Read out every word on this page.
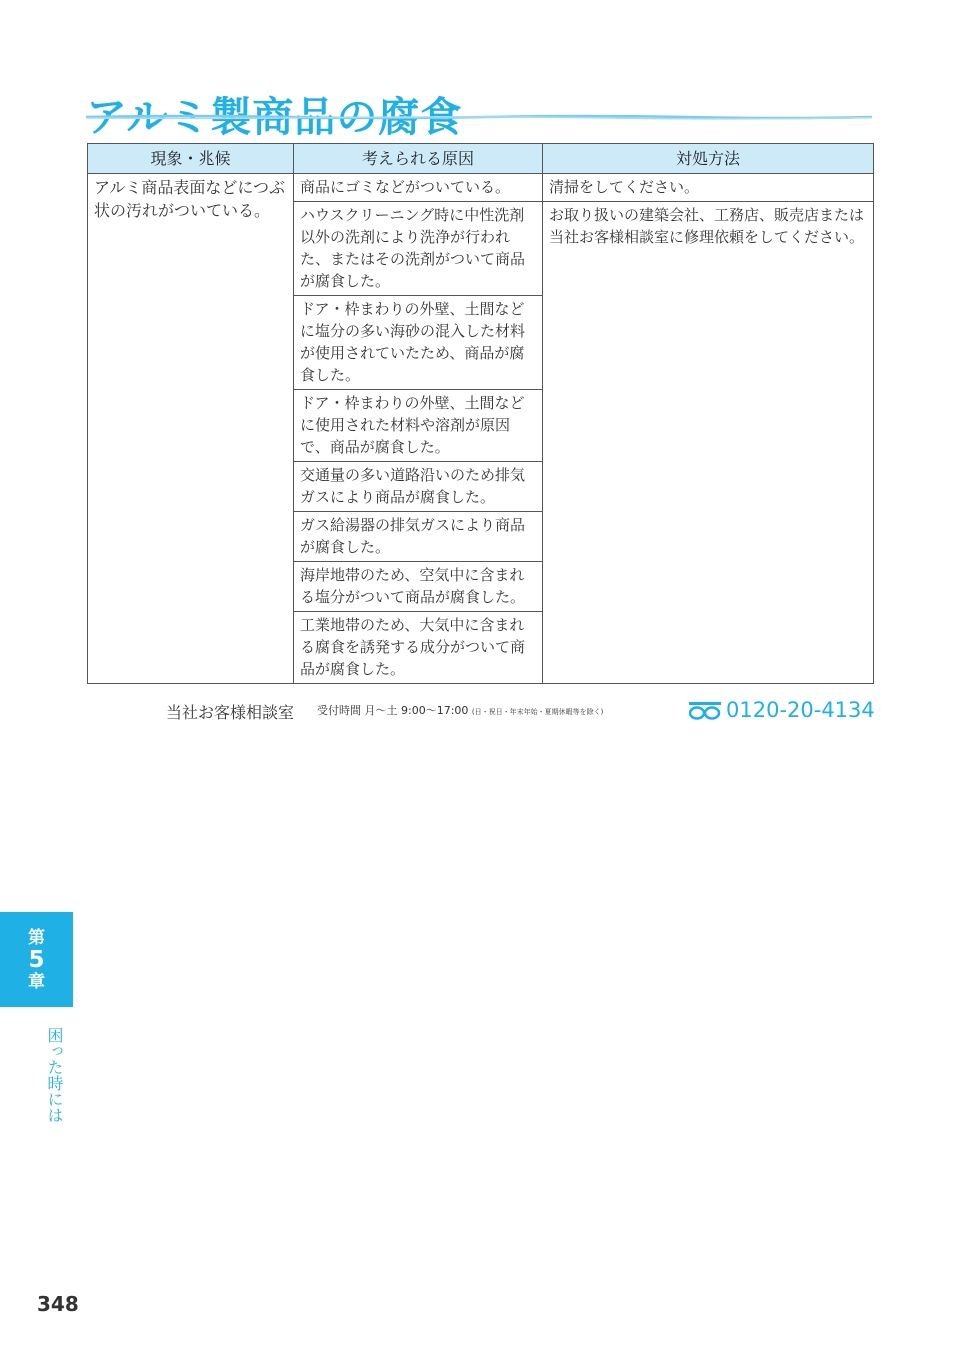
アルミ製商品の腐食
現象・兆候	考えられる原因	対処方法
アルミ商品表面などにつぶ状の汚れがついている。	商品にゴミなどがついている。	清掃をしてください。
	ハウスクリーニング時に中性洗剤以外の洗剤により洗浄が行われた、またはその洗剤がついて商品が腐食した。	お取り扱いの建築会社、工務店、販売店または当社お客様相談室に修理依頼をしてください。
	ドア・枠まわりの外壁、土間などに塩分の多い海砂の混入した材料が使用されていたため、商品が腐食した。	
	ドア・枠まわりの外壁、土間などに使用された材料や溶剤が原因で、商品が腐食した。	
	交通量の多い道路沿いのため排気ガスにより商品が腐食した。	
	ガス給湯器の排気ガスにより商品が腐食した。	
	海岸地帯のため、空気中に含まれる塩分がついて商品が腐食した。	
	工業地帯のため、大気中に含まれる腐食を誘発する成分がついて商品が腐食した。	
当社お客様相談室 受付時間 月〜土 9:00〜17:00 (日・祝日・年末年始・夏期休暇等を除く)	0120-20-4134
第
5
章
困った時には
348
